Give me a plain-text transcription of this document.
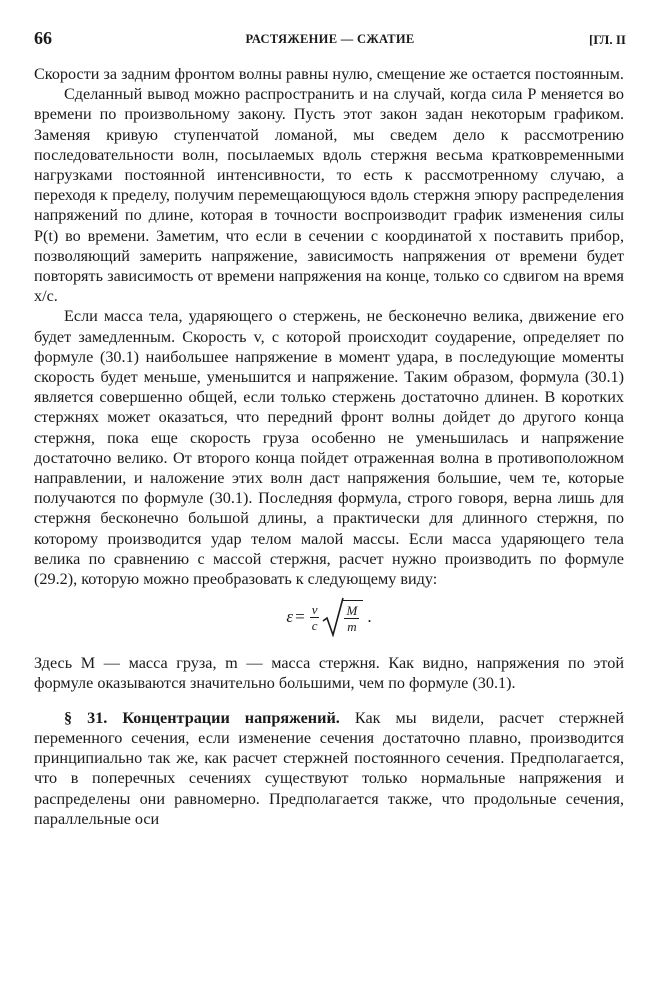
66	РАСТЯЖЕНИЕ — СЖАТИЕ	[ГЛ. II

Скорости за задним фронтом волны равны нулю, смещение же остается постоянным.

Сделанный вывод можно распространить и на случай, когда сила P меняется во времени по произвольному закону. Пусть этот закон задан некоторым графиком. Заменяя кривую ступенчатой ломаной, мы сведем дело к рассмотрению последовательности волн, посылаемых вдоль стержня весьма кратковременными нагрузками постоянной интенсивности, то есть к рассмотренному случаю, а переходя к пределу, получим перемещающуюся вдоль стержня эпюру распределения напряжений по длине, которая в точности воспроизводит график изменения силы P(t) во времени. Заметим, что если в сечении с координатой x поставить прибор, позволяющий замерить напряжение, зависимость напряжения от времени будет повторять зависимость от времени напряжения на конце, только со сдвигом на время x/c.

Если масса тела, ударяющего о стержень, не бесконечно велика, движение его будет замедленным. Скорость v, с которой происходит соударение, определяет по формуле (30.1) наибольшее напряжение в момент удара, в последующие моменты скорость будет меньше, уменьшится и напряжение. Таким образом, формула (30.1) является совершенно общей, если только стержень достаточно длинен. В коротких стержнях может оказаться, что передний фронт волны дойдет до другого конца стержня, пока еще скорость груза особенно не уменьшилась и напряжение достаточно велико. От второго конца пойдет отраженная волна в противоположном направлении, и наложение этих волн даст напряжения большие, чем те, которые получаются по формуле (30.1). Последняя формула, строго говоря, верна лишь для стержня бесконечно большой длины, а практически для длинного стержня, по которому производится удар телом малой массы. Если масса ударяющего тела велика по сравнению с массой стержня, расчет нужно производить по формуле (29.2), которую можно преобразовать к следующему виду:

$\varepsilon = \frac{v}{c} \frac{M}{m}$ .

Здесь M — масса груза, m — масса стержня. Как видно, напряжения по этой формуле оказываются значительно большими, чем по формуле (30.1).

§ 31. Концентрации напряжений. Как мы видели, расчет стержней переменного сечения, если изменение сечения достаточно плавно, производится принципиально так же, как расчет стержней постоянного сечения. Предполагается, что в поперечных сечениях существуют только нормальные напряжения и распределены они равномерно. Предполагается также, что продольные сечения, параллельные оси
